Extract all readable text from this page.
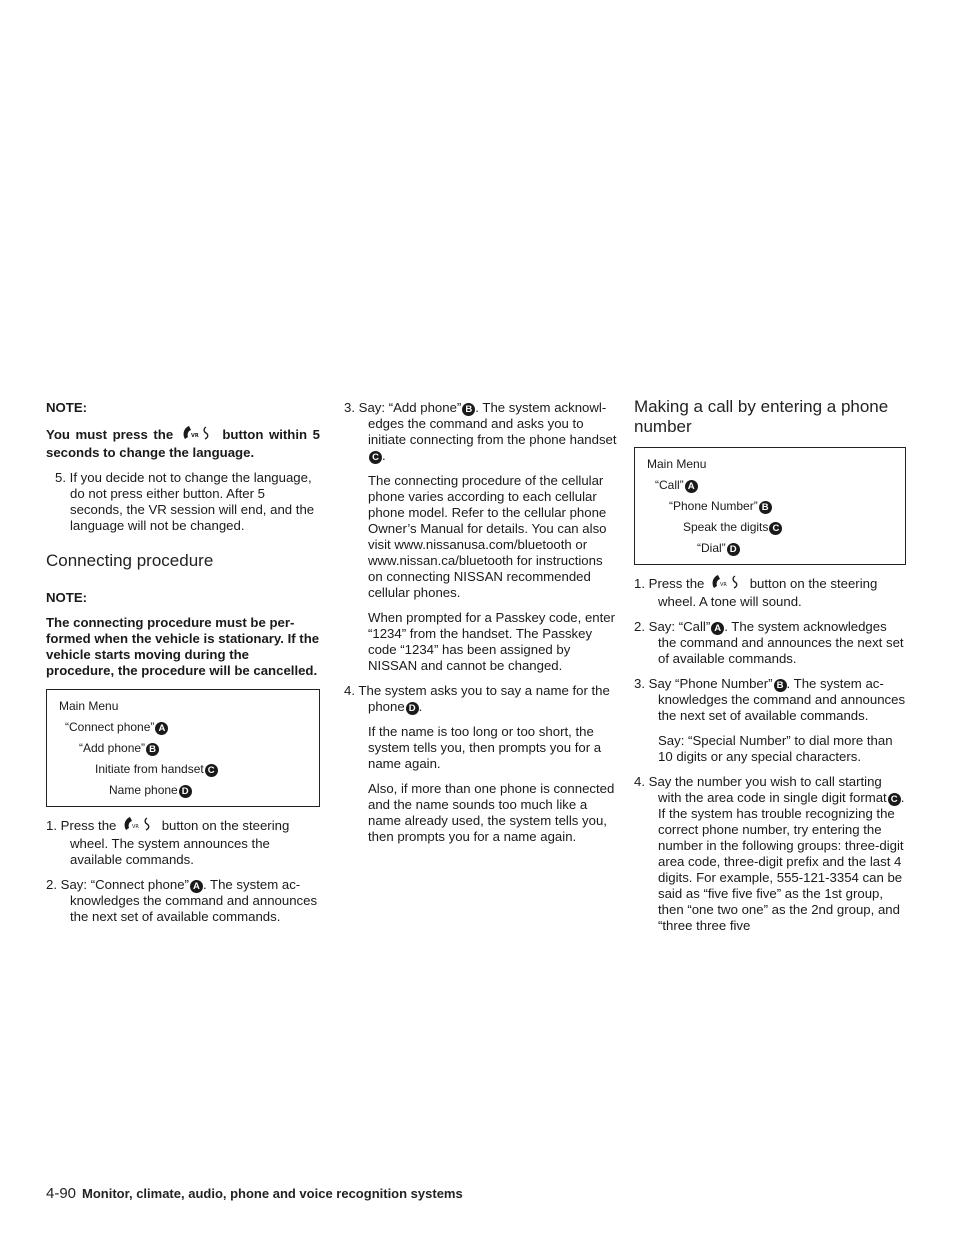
NOTE:

You must press the	VR button within 5 seconds to change the language.

5. If you decide not to change the language, do not press either button. After 5 seconds, the VR session will end, and the language will not be changed.

Connecting procedure

NOTE:

The connecting procedure must be per- formed when the vehicle is stationary. If the vehicle starts moving during the procedure, the procedure will be cancelled.

Main Menu
“Connect phone” A
“Add phone” B
Initiate from handset C
Name phone D

1. Press the	VR button on the steering wheel. The system announces the available commands.

2. Say: “Connect phone” A . The system ac- knowledges the command and announces the next set of available commands.

3. Say: “Add phone” B . The system acknowl- edges the command and asks you to initiate connecting from the phone handsetC .

The connecting procedure of the cellular phone varies according to each cellular phone model. Refer to the cellular phone Owner’s Manual for details. You can also visit www.nissanusa.com/bluetooth or www.nissan.ca/bluetooth for instructions on connecting NISSAN recommended cellular phones.

When prompted for a Passkey code, enter “1234” from the handset. The Passkey code “1234” has been assigned by NISSAN and cannot be changed.

4. The system asks you to say a name for the phone D .

If the name is too long or too short, the system tells you, then prompts you for a name again.

Also, if more than one phone is connected and the name sounds too much like a name already used, the system tells you, then prompts you for a name again.

Making a call by entering a phone number
Main Menu
“Call” A
“Phone Number” B
Speak the digits C
“Dial” D

1. Press the	VR button on the steering wheel. A tone will sound.

2. Say: “Call” A . The system acknowledges the command and announces the next set of available commands.

3. Say “Phone Number” B . The system ac- knowledges the command and announces the next set of available commands.

Say: “Special Number” to dial more than 10 digits or any special characters.

4. Say the number you wish to call starting with the area code in single digit format C . If the system has trouble recognizing the correct phone number, try entering the number in the following groups: three-digit area code, three-digit prefix and the last 4 digits. For example, 555-121-3354 can be said as “five five five” as the 1st group, then “one two one” as the 2nd group, and “three three five

4-90 Monitor, climate, audio, phone and voice recognition systems
